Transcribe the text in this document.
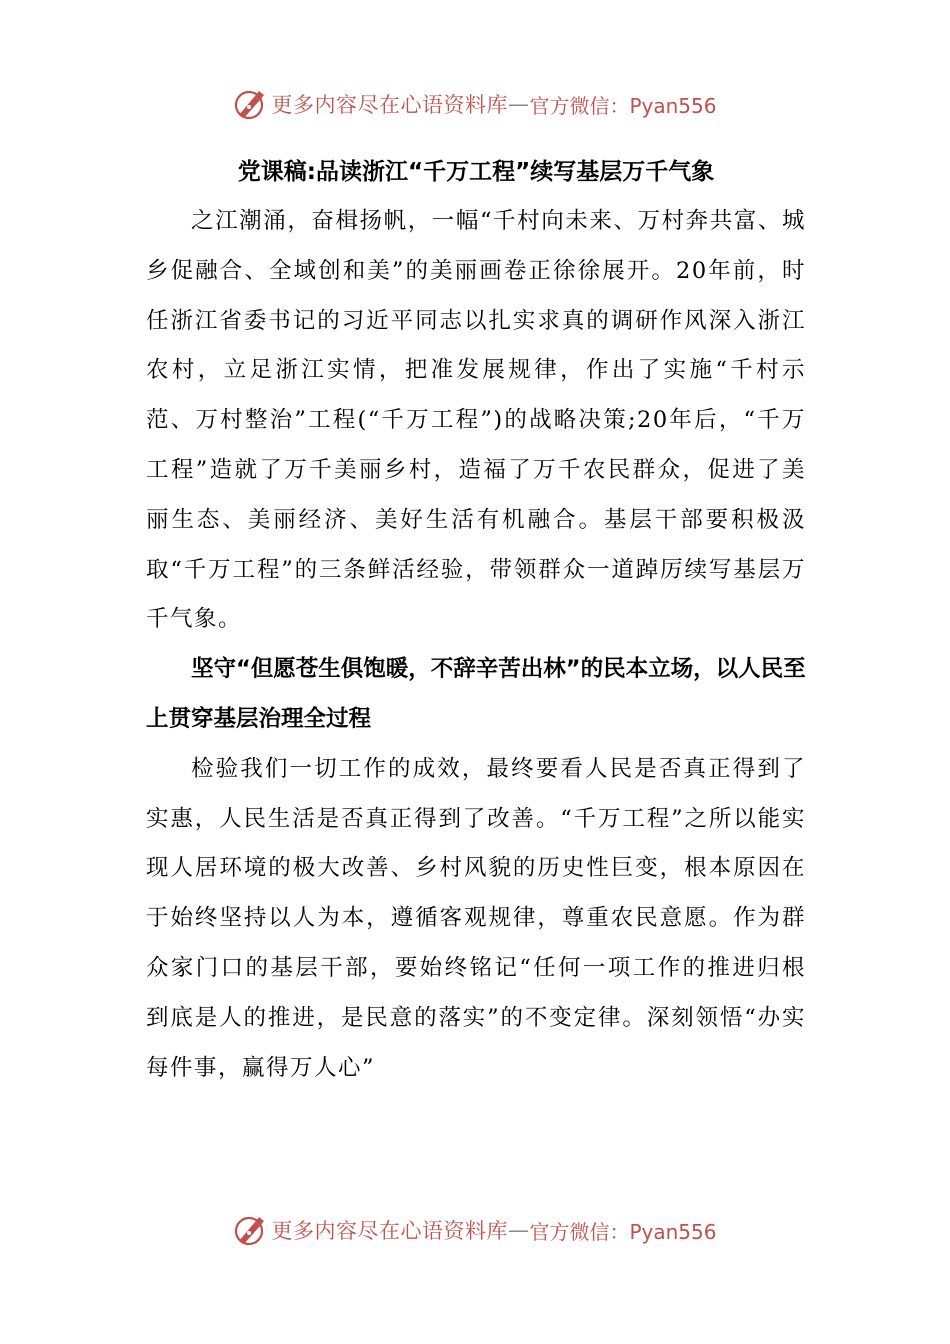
更多内容尽在心语资料库 — 官方微信：Pyan556
党课稿:品读浙江“千万工程”续写基层万千气象

之江潮涌，奋楫扬帆，一幅“千村向未来、万村奔共富、城乡促融合、全域创和美”的美丽画卷正徐徐展开。20年前，时任浙江省委书记的习近平同志以扎实求真的调研作风深入浙江农村，立足浙江实情，把准发展规律，作出了实施“千村示范、万村整治”工程(“千万工程”)的战略决策;20年后，“千万工程”造就了万千美丽乡村，造福了万千农民群众，促进了美丽生态、美丽经济、美好生活有机融合。基层干部要积极汲取“千万工程”的三条鲜活经验，带领群众一道踔厉续写基层万千气象。

坚守“但愿苍生俱饱暖，不辞辛苦出林”的民本立场，以人民至上贯穿基层治理全过程

检验我们一切工作的成效，最终要看人民是否真正得到了实惠，人民生活是否真正得到了改善。“千万工程”之所以能实现人居环境的极大改善、乡村风貌的历史性巨变，根本原因在于始终坚持以人为本，遵循客观规律，尊重农民意愿。作为群众家门口的基层干部，要始终铭记“任何一项工作的推进归根到底是人的推进，是民意的落实”的不变定律。深刻领悟“办实每件事，赢得万人心”

更多内容尽在心语资料库 — 官方微信：Pyan556
